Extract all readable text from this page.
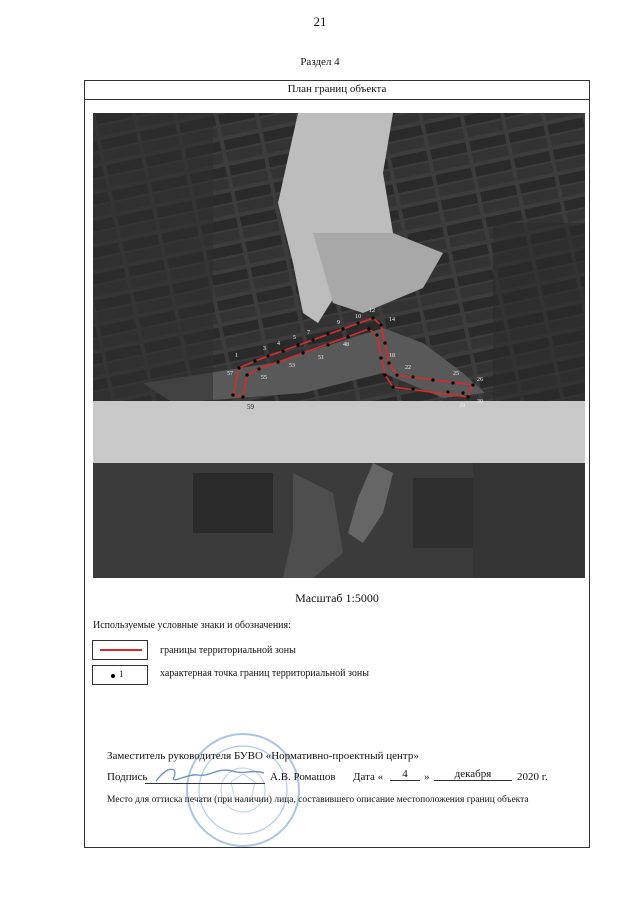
21
Раздел 4
План границ объекта
1
3
4
5
7
9
10
12
14
18
22
25
26
29
30
48
51
53
55
57
59
Масштаб 1:5000
Используемые условные знаки и обозначения:
границы территориальной зоны
1	характерная точка границ территориальной зоны
Заместитель руководителя БУВО «Нормативно-проектный центр»
Подпись	А.В. Ромашов Дата «	4	»	декабря	2020 г.
Место для оттиска печати (при наличии) лица, составившего описание местоположения границ объекта
